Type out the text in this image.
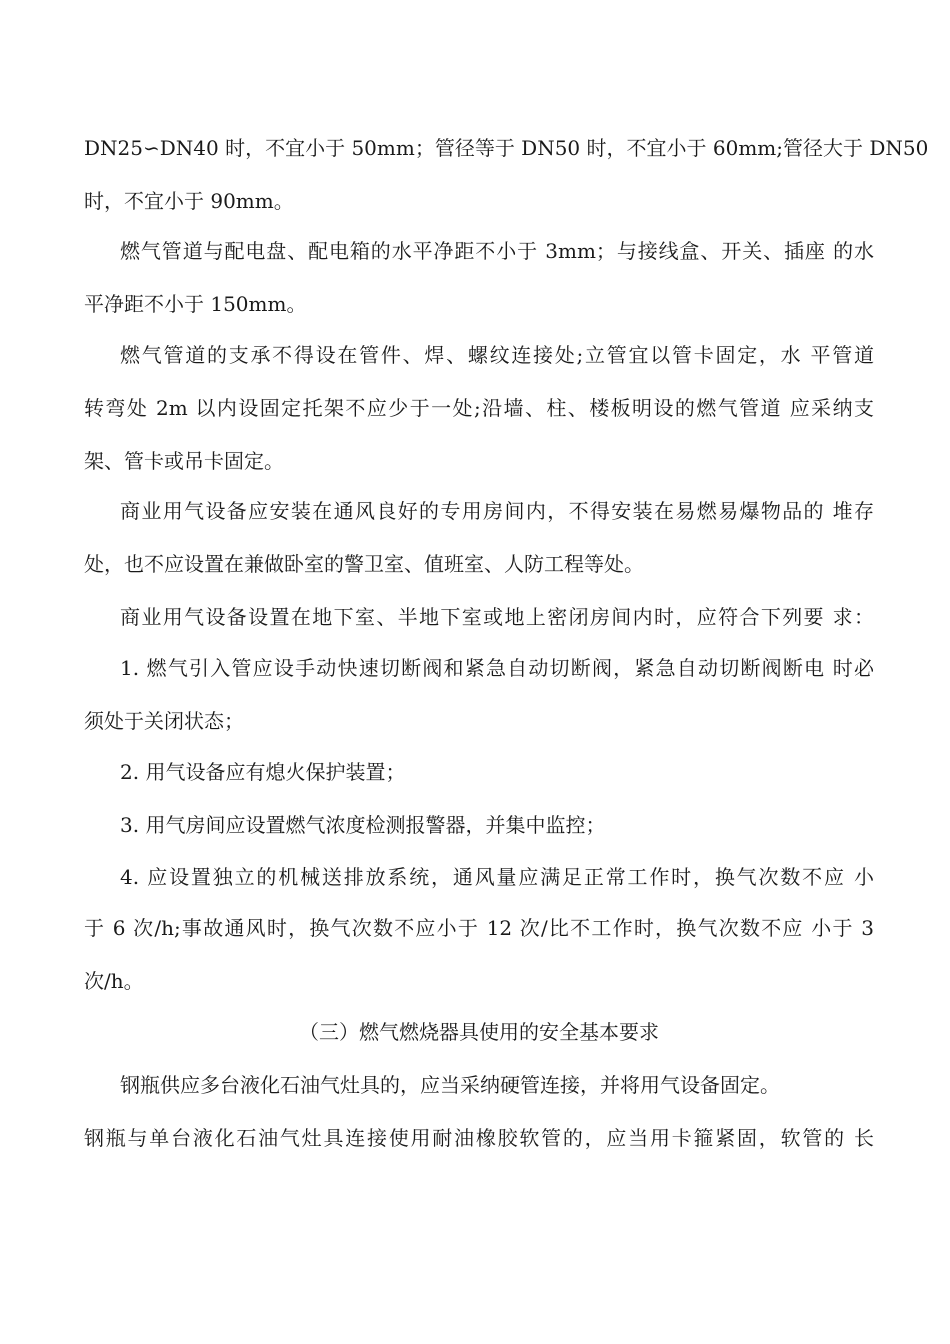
DN25∽DN40 时，不宜小于 50mm；管径等于 DN50 时，不宜小于 60mm;管径大于 DN50
时，不宜小于 90mm。
燃气管道与配电盘、配电箱的水平净距不小于 3mm；与接线盒、开关、插座 的水
平净距不小于 150mm。
燃气管道的支承不得设在管件、焊、螺纹连接处;立管宜以管卡固定，水 平管道
转弯处 2m 以内设固定托架不应少于一处;沿墙、柱、楼板明设的燃气管道 应采纳支
架、管卡或吊卡固定。
商业用气设备应安装在通风良好的专用房间内，不得安装在易燃易爆物品的 堆存
处，也不应设置在兼做卧室的警卫室、值班室、人防工程等处。
商业用气设备设置在地下室、半地下室或地上密闭房间内时，应符合下列要 求：
1. 燃气引入管应设手动快速切断阀和紧急自动切断阀，紧急自动切断阀断电 时必
须处于关闭状态；
2. 用气设备应有熄火保护装置；
3. 用气房间应设置燃气浓度检测报警器，并集中监控；
4. 应设置独立的机械送排放系统，通风量应满足正常工作时，换气次数不应 小
于 6 次/h;事故通风时，换气次数不应小于 12 次/比不工作时，换气次数不应 小于 3
次/h。
（三）燃气燃烧器具使用的安全基本要求
钢瓶供应多台液化石油气灶具的，应当采纳硬管连接，并将用气设备固定。
钢瓶与单台液化石油气灶具连接使用耐油橡胶软管的，应当用卡箍紧固，软管的 长
